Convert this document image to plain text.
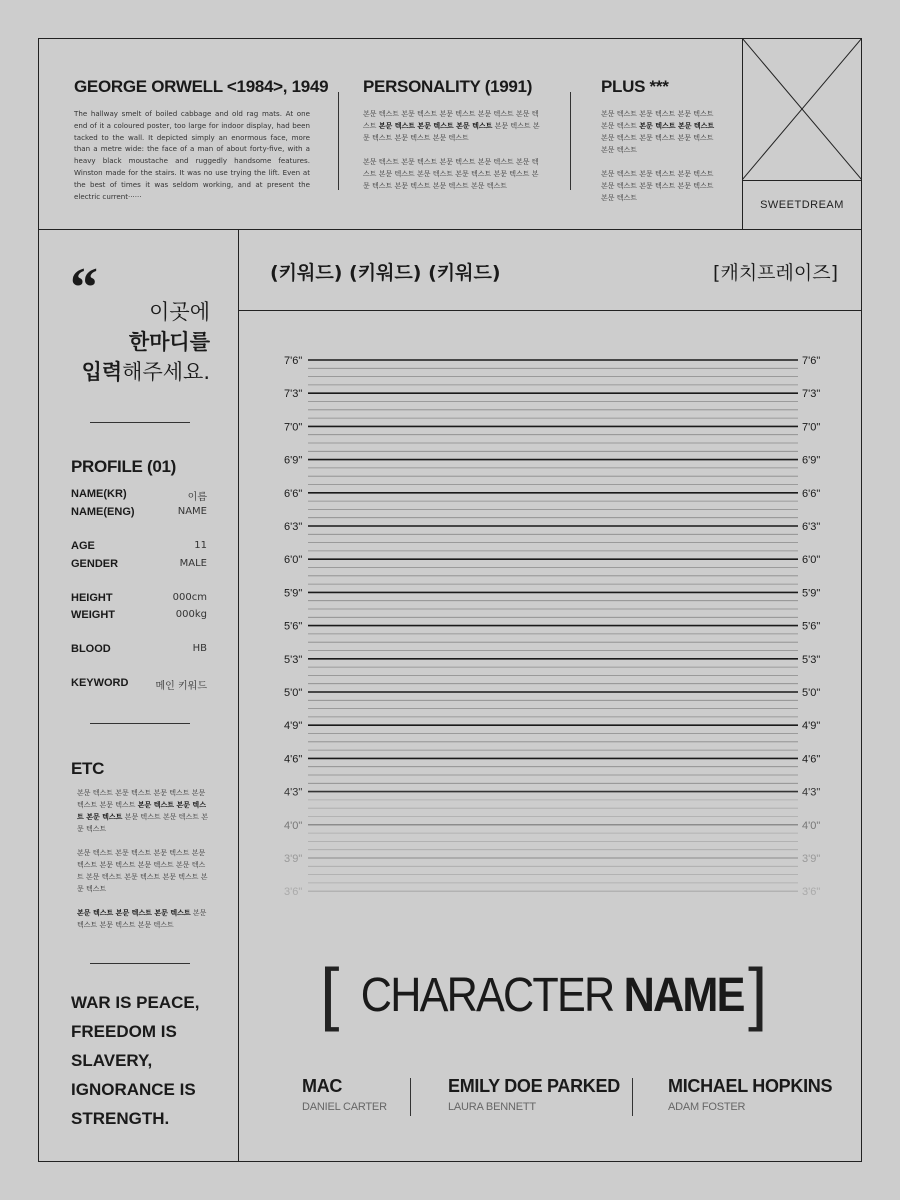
GEORGE ORWELL <1984>, 1949
The hallway smelt of boiled cabbage and old rag mats. At one end of it a coloured poster, too large for indoor display, had been tacked to the wall. It depicted simply an enormous face, more than a metre wide: the face of a man of about forty-five, with a heavy black moustache and ruggedly handsome features. Winston made for the stairs. It was no use trying the lift. Even at the best of times it was seldom working, and at present the electric current······
PERSONALITY (1991)

본문 텍스트 본문 텍스트 본문 텍스트 본문 텍스트 본문 텍스트 본문 텍스트 본문 텍스트 본문 텍스트 본문 텍스트 본문 텍스트 본문 텍스트 본문 텍스트

본문 텍스트 본문 텍스트 본문 텍스트 본문 텍스트 본문 텍스트 본문 텍스트 본문 텍스트 본문 텍스트 본문 텍스트 본문 텍스트 본문 텍스트 본문 텍스트 본문 텍스트

PLUS ***

본문 텍스트 본문 텍스트 본문 텍스트 본문 텍스트 본문 텍스트 본문 텍스트 본문 텍스트 본문 텍스트 본문 텍스트 본문 텍스트

본문 텍스트 본문 텍스트 본문 텍스트 본문 텍스트 본문 텍스트 본문 텍스트 본문 텍스트

SWEETDREAM
“	이곳에
한마디를
입력해주세요.
PROFILE (01)
NAME(KR)	이름
NAME(ENG)	NAME
AGE	11
GENDER	MALE
HEIGHT	000cm
WEIGHT	000kg
BLOOD	HB
KEYWORD	메인 키워드
ETC

본문 텍스트 본문 텍스트 본문 텍스트 본문 텍스트 본문 텍스트 본문 텍스트 본문 텍스트 본문 텍스트 본문 텍스트 본문 텍스트 본문 텍스트

본문 텍스트 본문 텍스트 본문 텍스트 본문 텍스트 본문 텍스트 본문 텍스트 본문 텍스트 본문 텍스트 본문 텍스트 본문 텍스트 본문 텍스트

본문 텍스트 본문 텍스트 본문 텍스트 본문 텍스트 본문 텍스트 본문 텍스트

WAR IS PEACE,
FREEDOM IS
SLAVERY,
IGNORANCE IS
STRENGTH.
(키워드) (키워드) (키워드)	[캐치프레이즈]
7'6"	7'6"
7'3"	7'3"
7'0"	7'0"
6'9"	6'9"
6'6"	6'6"
6'3"	6'3"
6'0"	6'0"
5'9"	5'9"
5'6"	5'6"
5'3"	5'3"
5'0"	5'0"
4'9"	4'9"
4'6"	4'6"
4'3"	4'3"
4'0"	4'0"
3'9"	3'9"
3'6"	3'6"
[	]
CHARACTER NAME
MAC
DANIEL CARTER
EMILY DOE PARKED
LAURA BENNETT
MICHAEL HOPKINS
ADAM FOSTER
